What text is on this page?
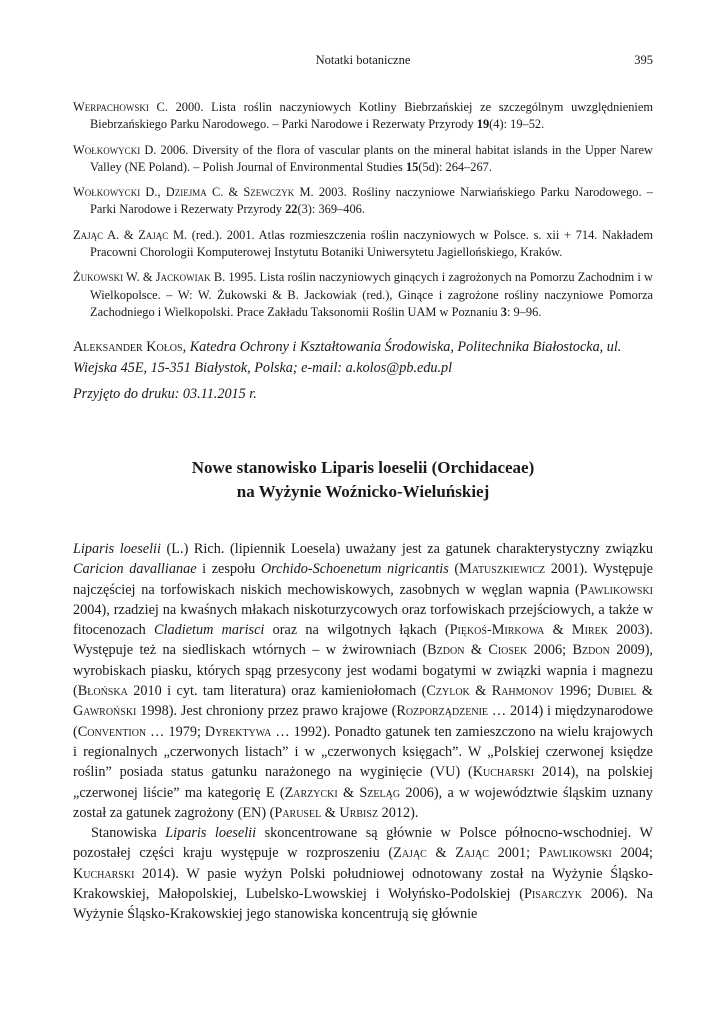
Notatki botaniczne	395

Werpachowski C. 2000. Lista roślin naczyniowych Kotliny Biebrzańskiej ze szczególnym uwzględnieniem Biebrzańskiego Parku Narodowego. – Parki Narodowe i Rezerwaty Przyrody 19(4): 19–52.

Wołkowycki D. 2006. Diversity of the flora of vascular plants on the mineral habitat islands in the Upper Narew Valley (NE Poland). – Polish Journal of Environmental Studies 15(5d): 264–267.

Wołkowycki D., Dziejma C. & Szewczyk M. 2003. Rośliny naczyniowe Narwiańskiego Parku Narodowego. – Parki Narodowe i Rezerwaty Przyrody 22(3): 369–406.

Zając A. & Zając M. (red.). 2001. Atlas rozmieszczenia roślin naczyniowych w Polsce. s. xii + 714. Nakładem Pracowni Chorologii Komputerowej Instytutu Botaniki Uniwersytetu Jagiellońskiego, Kraków.

Żukowski W. & Jackowiak B. 1995. Lista roślin naczyniowych ginących i zagrożonych na Pomorzu Zachodnim i w Wielkopolsce. – W: W. Żukowski & B. Jackowiak (red.), Ginące i zagrożone rośliny naczyniowe Pomorza Zachodniego i Wielkopolski. Prace Zakładu Taksonomii Roślin UAM w Poznaniu 3: 9–96.

Aleksander Kołos, Katedra Ochrony i Kształtowania Środowiska, Politechnika Białostocka, ul. Wiejska 45E, 15-351 Białystok, Polska; e-mail: a.kolos@pb.edu.pl
Przyjęto do druku: 03.11.2015 r.
Nowe stanowisko Liparis loeselii (Orchidaceae)
na Wyżynie Woźnicko-Wieluńskiej

Liparis loeselii (L.) Rich. (lipiennik Loesela) uważany jest za gatunek charakterystyczny związku Caricion davallianae i zespołu Orchido-Schoenetum nigricantis (Matuszkiewicz 2001). Występuje najczęściej na torfowiskach niskich mechowiskowych, zasobnych w węglan wapnia (Pawlikowski 2004), rzadziej na kwaśnych młakach niskoturzycowych oraz torfowiskach przejściowych, a także w fitocenozach Cladietum marisci oraz na wilgotnych łąkach (Piękoś-Mirkowa & Mirek 2003). Występuje też na siedliskach wtórnych – w żwirowniach (Bzdon & Ciosek 2006; Bzdon 2009), wyrobiskach piasku, których spąg przesycony jest wodami bogatymi w związki wapnia i magnezu (Błońska 2010 i cyt. tam literatura) oraz kamieniołomach (Czylok & Rahmonov 1996; Dubiel & Gawroński 1998). Jest chroniony przez prawo krajowe (Rozporządzenie … 2014) i międzynarodowe (Convention … 1979; Dyrektywa … 1992). Ponadto gatunek ten zamieszczono na wielu krajowych i regionalnych „czerwonych listach” i w „czerwonych księgach”. W „Polskiej czerwonej księdze roślin” posiada status gatunku narażonego na wyginięcie (VU) (Kucharski 2014), na polskiej „czerwonej liście” ma kategorię E (Zarzycki & Szeląg 2006), a w województwie śląskim uznany został za gatunek zagrożony (EN) (Parusel & Urbisz 2012).

Stanowiska Liparis loeselii skoncentrowane są głównie w Polsce północno-wschodniej. W pozostałej części kraju występuje w rozproszeniu (Zając & Zając 2001; Pawlikowski 2004; Kucharski 2014). W pasie wyżyn Polski południowej odnotowany został na Wyżynie Śląsko-Krakowskiej, Małopolskiej, Lubelsko-Lwowskiej i Wołyńsko-Podolskiej (Pisarczyk 2006). Na Wyżynie Śląsko-Krakowskiej jego stanowiska koncentrują się głównie
